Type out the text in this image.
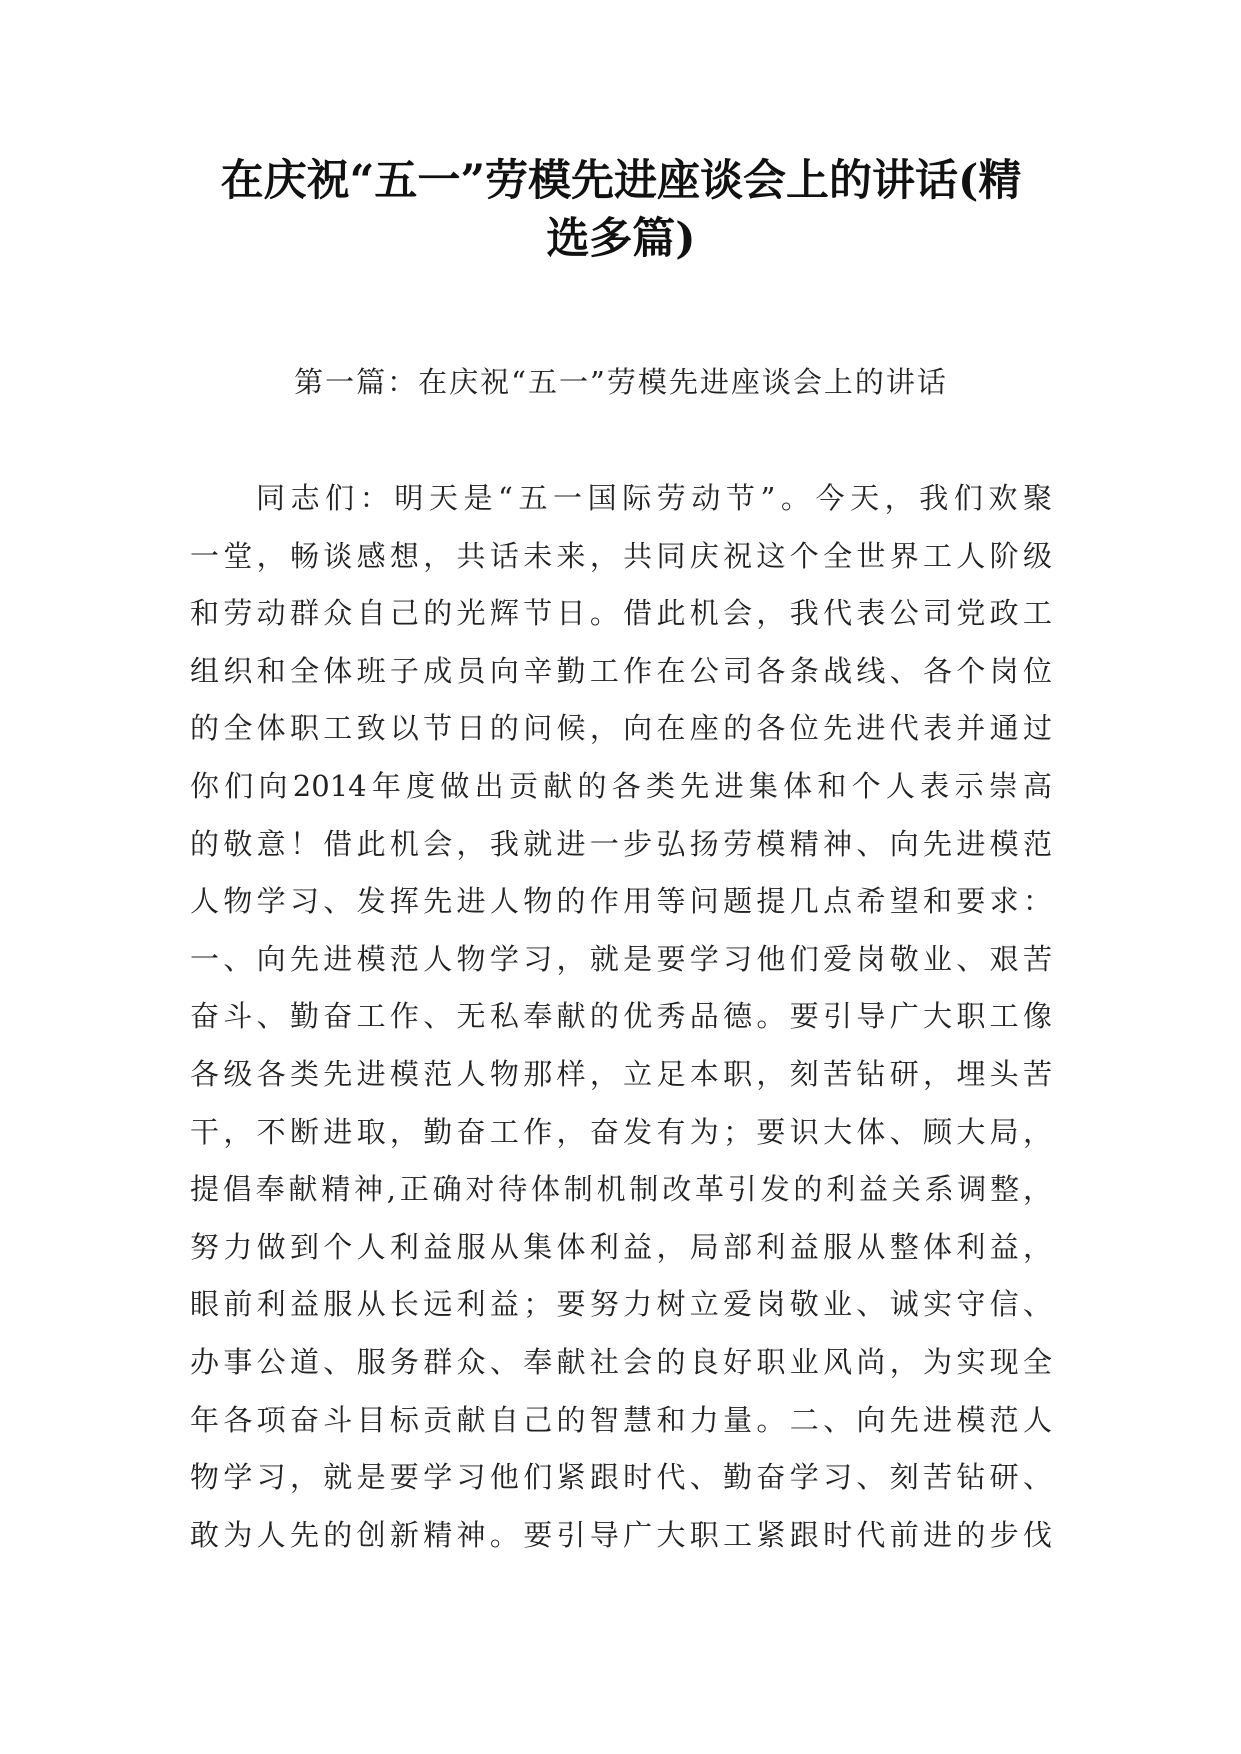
在庆祝“五一”劳模先进座谈会上的讲话(精
选多篇)
第一篇：在庆祝“五一”劳模先进座谈会上的讲话
同志们：明天是“五一国际劳动节”。今天，我们欢聚
一堂，畅谈感想，共话未来，共同庆祝这个全世界工人阶级
和劳动群众自己的光辉节日。借此机会，我代表公司党政工
组织和全体班子成员向辛勤工作在公司各条战线、各个岗位
的全体职工致以节日的问候，向在座的各位先进代表并通过
你们向2014年度做出贡献的各类先进集体和个人表示崇高
的敬意！借此机会，我就进一步弘扬劳模精神、向先进模范
人物学习、发挥先进人物的作用等问题提几点希望和要求：
一、向先进模范人物学习，就是要学习他们爱岗敬业、艰苦
奋斗、勤奋工作、无私奉献的优秀品德。要引导广大职工像
各级各类先进模范人物那样，立足本职，刻苦钻研，埋头苦
干，不断进取，勤奋工作，奋发有为；要识大体、顾大局，
提倡奉献精神,正确对待体制机制改革引发的利益关系调整，
努力做到个人利益服从集体利益，局部利益服从整体利益，
眼前利益服从长远利益；要努力树立爱岗敬业、诚实守信、
办事公道、服务群众、奉献社会的良好职业风尚，为实现全
年各项奋斗目标贡献自己的智慧和力量。二、向先进模范人
物学习，就是要学习他们紧跟时代、勤奋学习、刻苦钻研、
敢为人先的创新精神。要引导广大职工紧跟时代前进的步伐
